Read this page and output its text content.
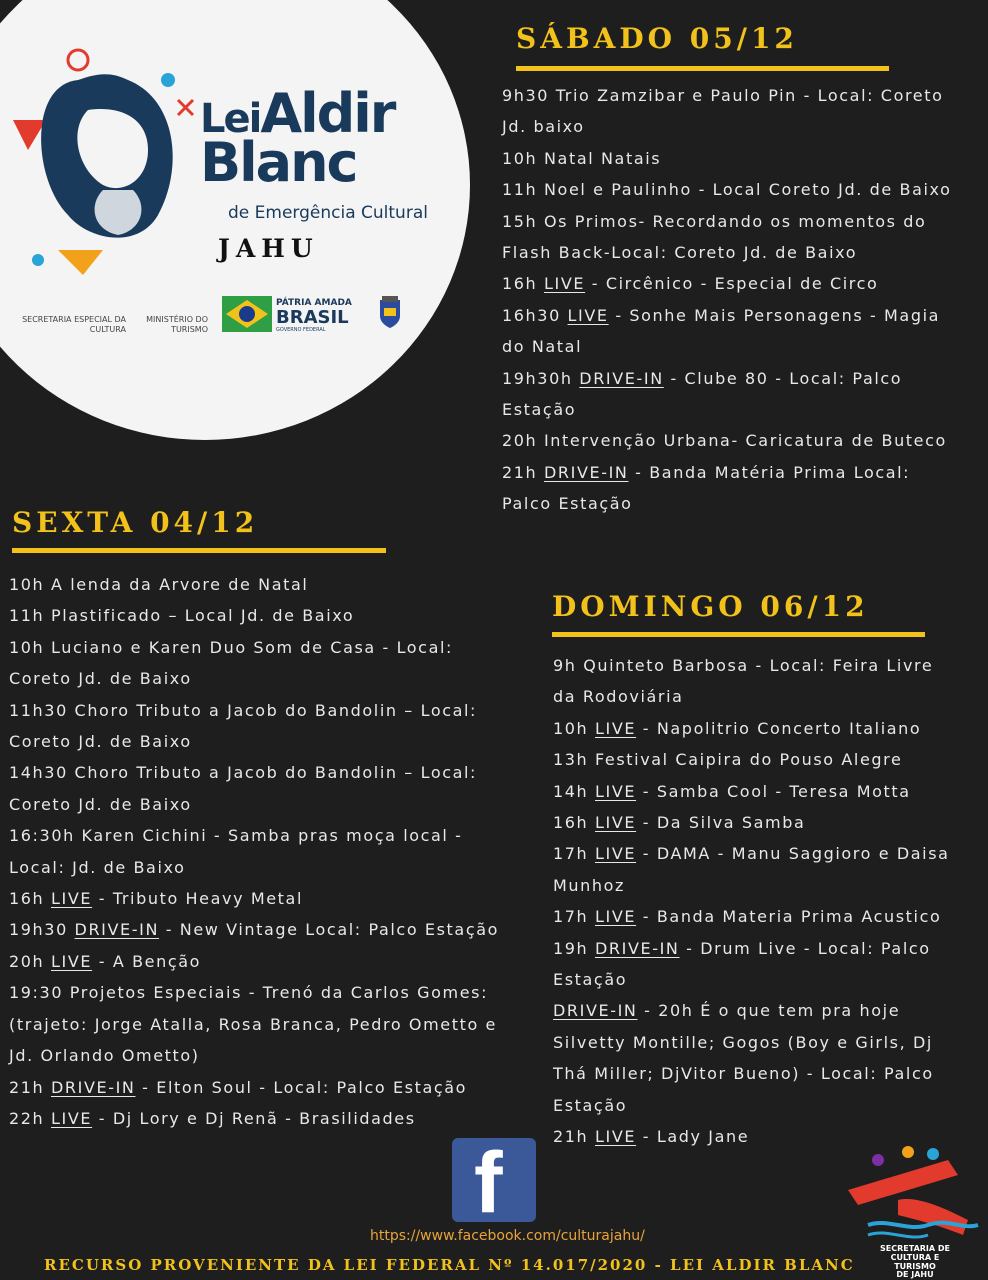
LeiAldir
Blanc
de Emergência Cultural
JAHU
SECRETARIA ESPECIAL DA CULTURA
MINISTÉRIO DO TURISMO
PÁTRIA AMADA
BRASIL
GOVERNO FEDERAL
SÁBADO 05/12
9h30 Trio Zamzibar e Paulo Pin - Local: Coreto
Jd. baixo
10h Natal Natais
11h Noel e Paulinho - Local Coreto Jd. de Baixo
15h Os Primos- Recordando os momentos do
Flash Back-Local: Coreto Jd. de Baixo
16h LIVE - Circênico - Especial de Circo
16h30 LIVE - Sonhe Mais Personagens - Magia
do Natal
19h30h DRIVE-IN - Clube 80 - Local: Palco
Estação
20h Intervenção Urbana- Caricatura de Buteco
21h DRIVE-IN - Banda Matéria Prima Local:
Palco Estação
SEXTA 04/12
10h A lenda da Arvore de Natal
11h Plastificado – Local Jd. de Baixo
10h Luciano e Karen Duo Som de Casa - Local:
Coreto Jd. de Baixo
11h30 Choro Tributo a Jacob do Bandolin – Local:
Coreto Jd. de Baixo
14h30 Choro Tributo a Jacob do Bandolin – Local:
Coreto Jd. de Baixo
16:30h Karen Cichini - Samba pras moça local -
Local: Jd. de Baixo
16h LIVE - Tributo Heavy Metal
19h30 DRIVE-IN - New Vintage Local: Palco Estação
20h LIVE - A Benção
19:30 Projetos Especiais - Trenó da Carlos Gomes:
(trajeto: Jorge Atalla, Rosa Branca, Pedro Ometto e
Jd. Orlando Ometto)
21h DRIVE-IN - Elton Soul - Local: Palco Estação
22h LIVE - Dj Lory e Dj Renã - Brasilidades
DOMINGO 06/12
9h Quinteto Barbosa - Local: Feira Livre
da Rodoviária
10h LIVE - Napolitrio Concerto Italiano
13h Festival Caipira do Pouso Alegre
14h LIVE - Samba Cool - Teresa Motta
16h LIVE - Da Silva Samba
17h LIVE - DAMA - Manu Saggioro e Daisa
Munhoz
17h LIVE - Banda Materia Prima Acustico
19h DRIVE-IN - Drum Live - Local: Palco
Estação
DRIVE-IN - 20h É o que tem pra hoje
Silvetty Montille; Gogos (Boy e Girls, Dj
Thá Miller; DjVitor Bueno) - Local: Palco
Estação
21h LIVE - Lady Jane
f
https://www.facebook.com/culturajahu/
SECRETARIA DE
CULTURA E TURISMO
DE JAHU
RECURSO PROVENIENTE DA LEI FEDERAL Nº 14.017/2020 - LEI ALDIR BLANC
